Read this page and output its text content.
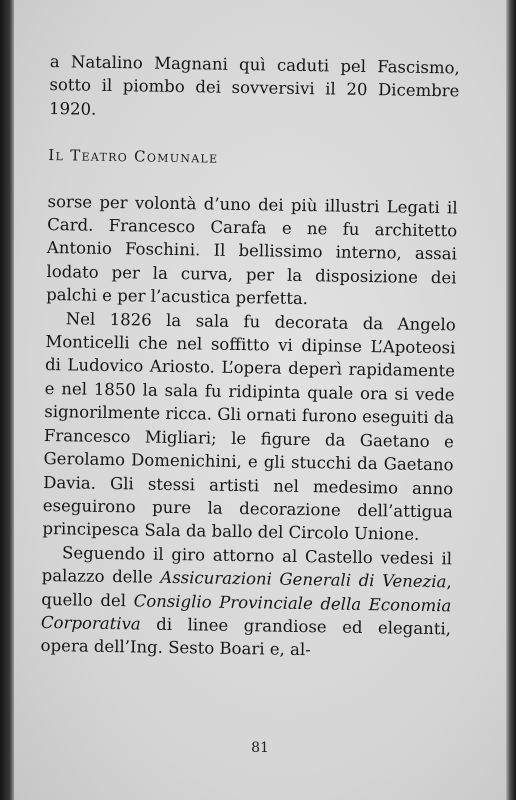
a Natalino Magnani quì caduti pel Fascismo, sotto il piombo dei sovversivi il 20 Dicembre 1920.

Il Teatro Comunale

sorse per volontà d’uno dei più illustri Legati il Card. Francesco Carafa e ne fu architetto Antonio Foschini. Il bellissimo interno, assai lodato per la curva, per la disposizione dei palchi e per l’acustica perfetta.

Nel 1826 la sala fu decorata da Angelo Monticelli che nel soffitto vi dipinse L’Apoteosi di Ludovico Ariosto. L’opera deperì rapidamente e nel 1850 la sala fu ridipinta quale ora si vede signorilmente ricca. Gli ornati furono eseguiti da Francesco Migliari; le figure da Gaetano e Gerolamo Domenichini, e gli stucchi da Gaetano Davia. Gli stessi artisti nel medesimo anno eseguirono pure la decorazione dell’attigua principesca Sala da ballo del Circolo Unione.

Seguendo il giro attorno al Castello vedesi il palazzo delle Assicurazioni Generali di Venezia, quello del Consiglio Provinciale della Economia Corporativa di linee grandiose ed eleganti, opera dell’Ing. Sesto Boari e, al-

81
